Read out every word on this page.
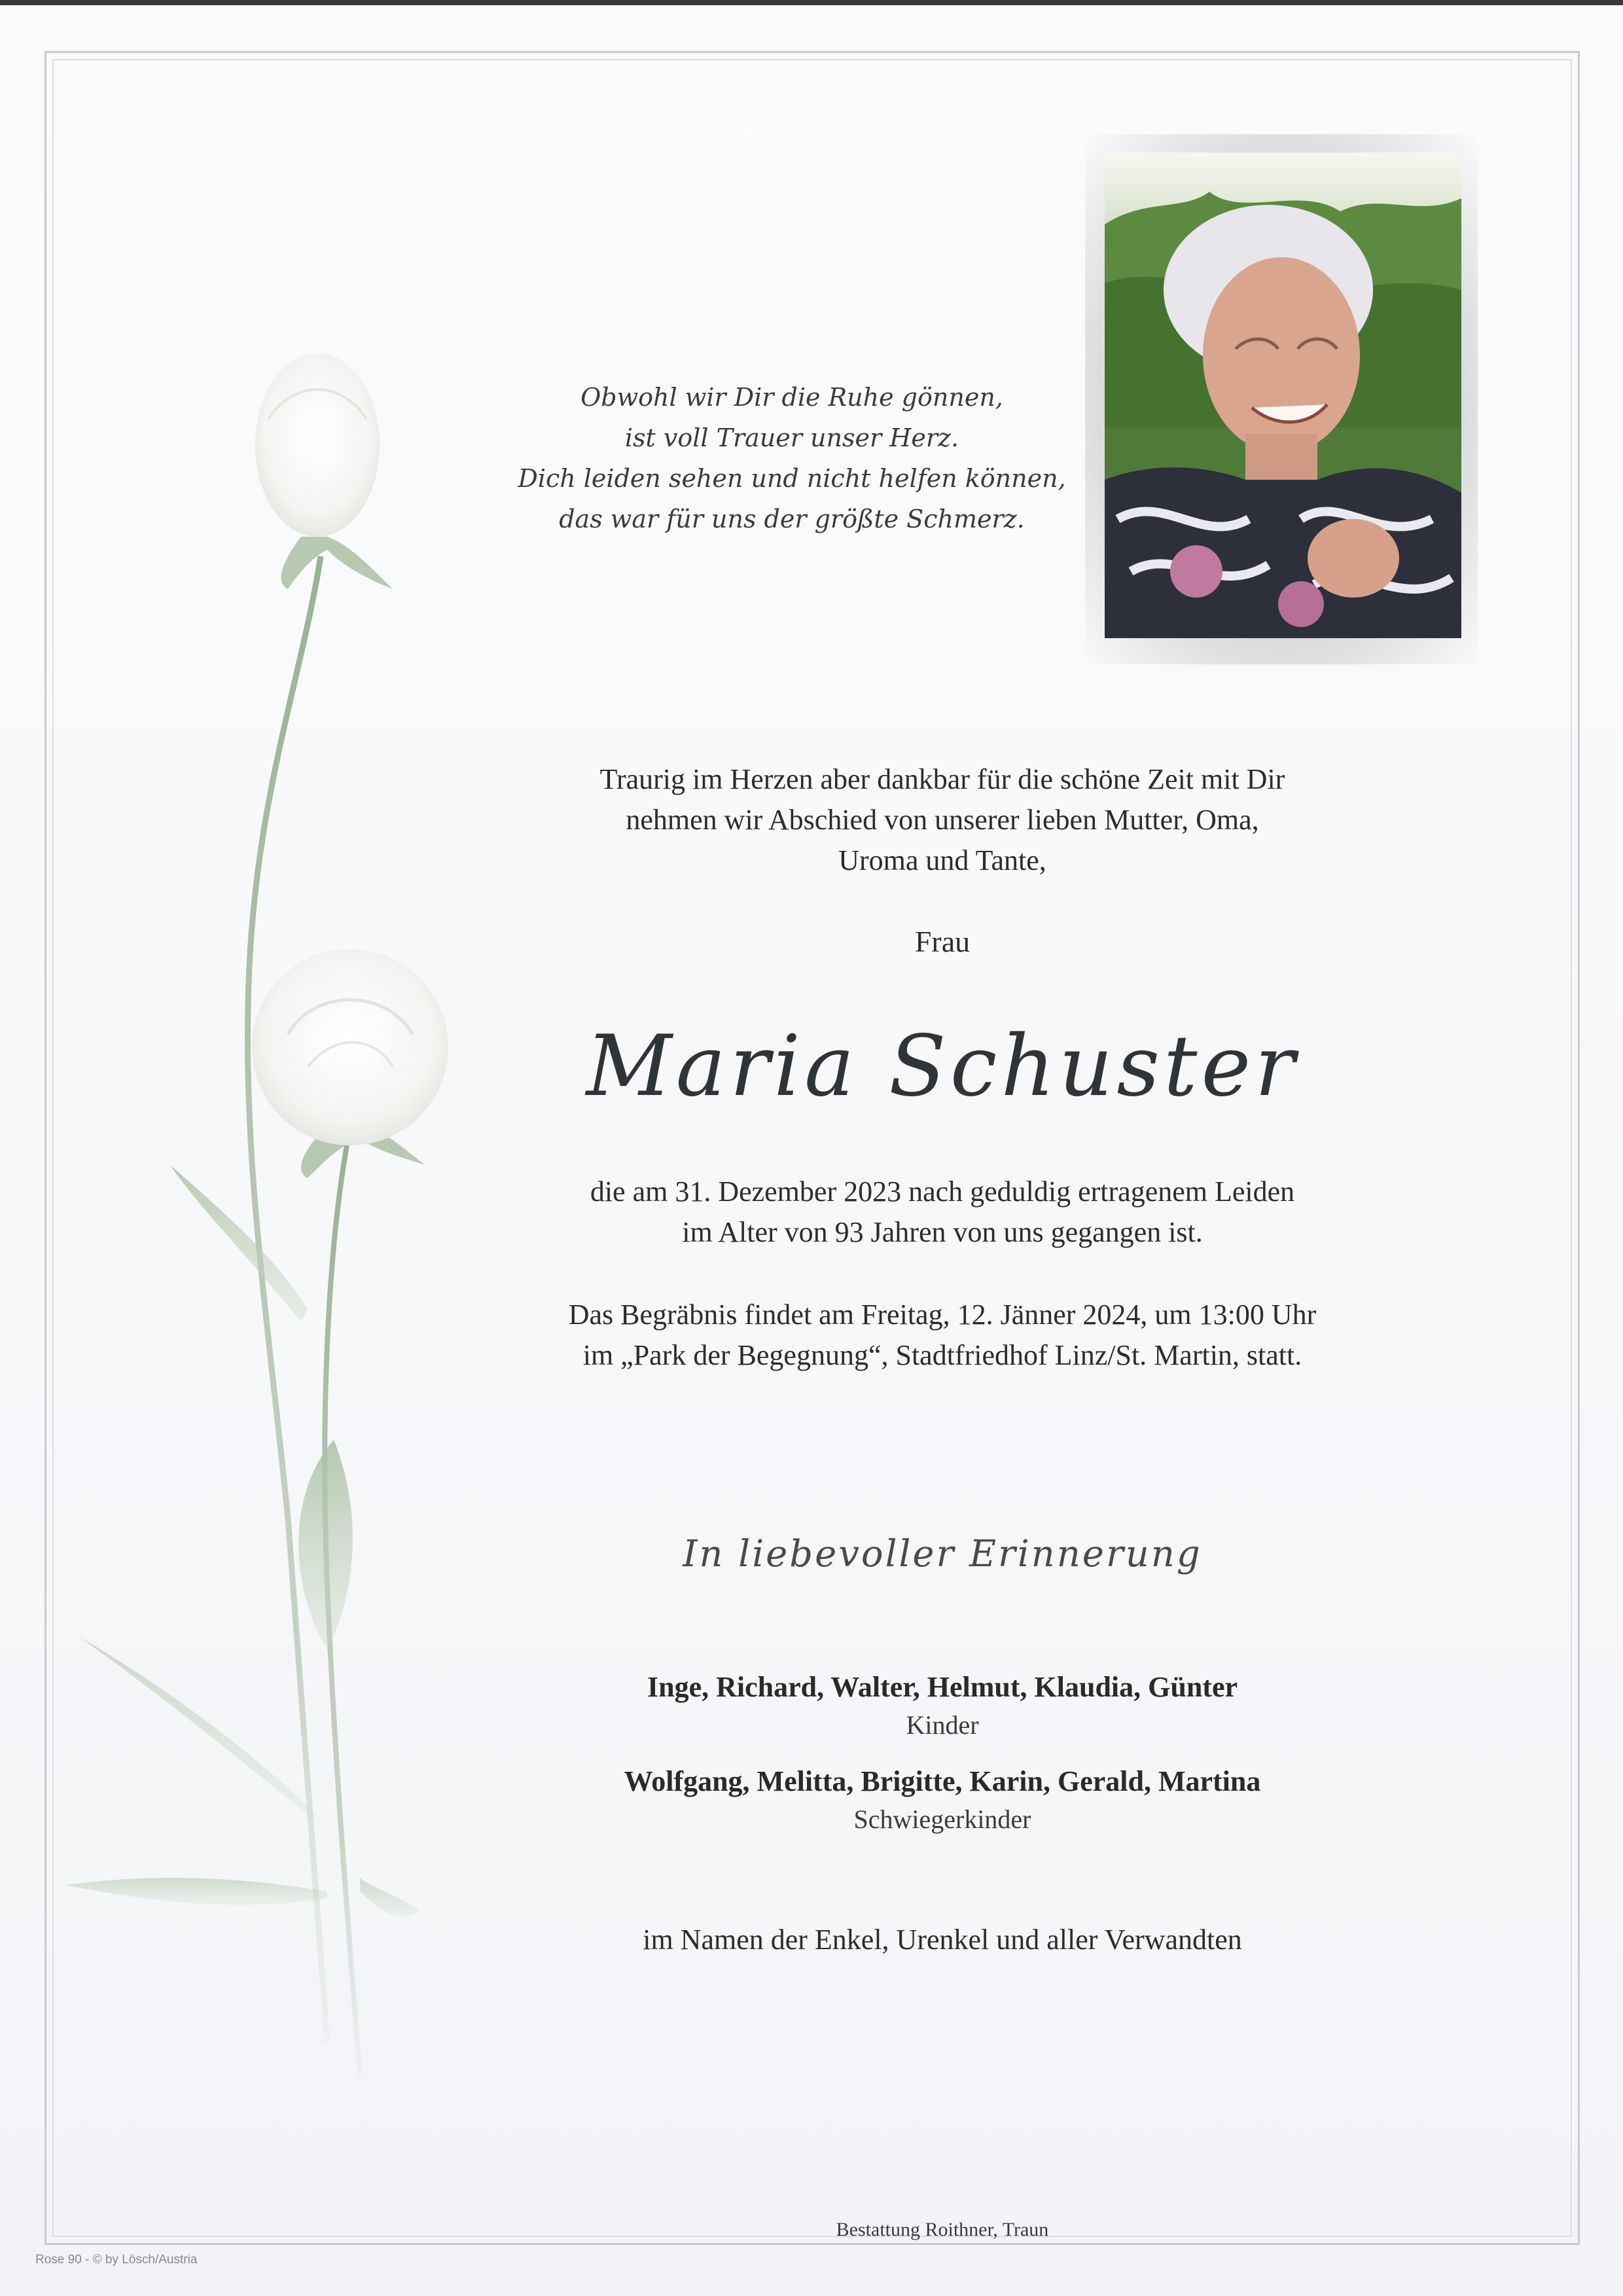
Obwohl wir Dir die Ruhe gönnen,
ist voll Trauer unser Herz.
Dich leiden sehen und nicht helfen können,
das war für uns der größte Schmerz.
Traurig im Herzen aber dankbar für die schöne Zeit mit Dir
nehmen wir Abschied von unserer lieben Mutter, Oma,
Uroma und Tante,
Frau
Maria Schuster
die am 31. Dezember 2023 nach geduldig ertragenem Leiden
im Alter von 93 Jahren von uns gegangen ist.
Das Begräbnis findet am Freitag, 12. Jänner 2024, um 13:00 Uhr
im „Park der Begegnung“, Stadtfriedhof Linz/St. Martin, statt.
In liebevoller Erinnerung
Inge, Richard, Walter, Helmut, Klaudia, Günter
Kinder
Wolfgang, Melitta, Brigitte, Karin, Gerald, Martina
Schwiegerkinder
im Namen der Enkel, Urenkel und aller Verwandten
Bestattung Roithner, Traun
Rose 90 - © by Lösch/Austria
